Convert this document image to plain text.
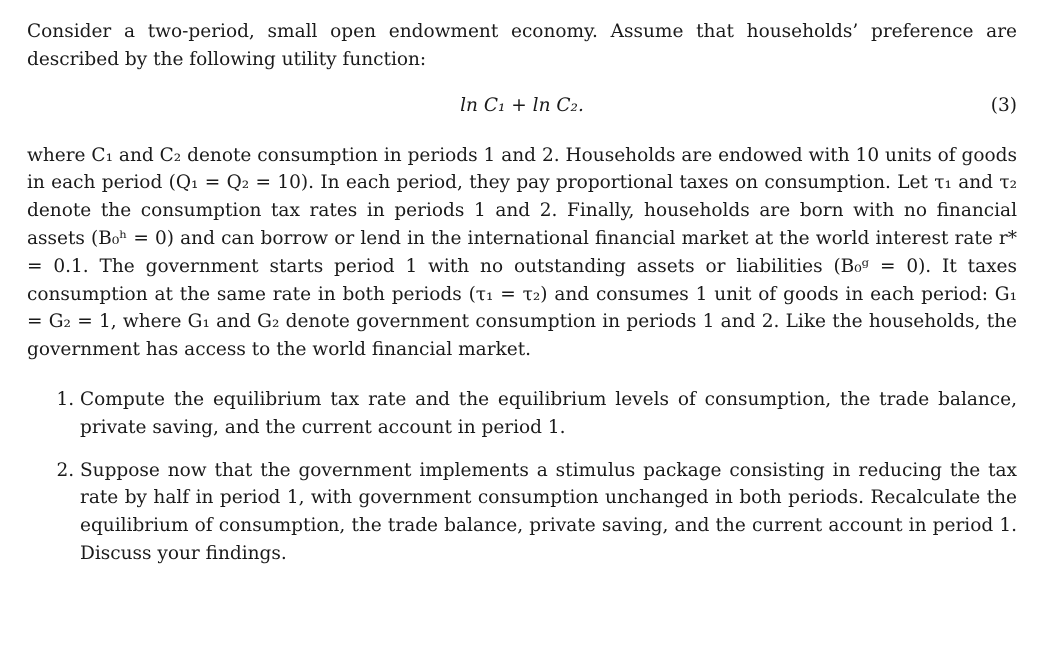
Consider a two-period, small open endowment economy. Assume that households’ preference are described by the following utility function:

ln C₁ + ln C₂.	(3)

where C₁ and C₂ denote consumption in periods 1 and 2. Households are endowed with 10 units of goods in each period (Q₁ = Q₂ = 10). In each period, they pay proportional taxes on consumption. Let τ₁ and τ₂ denote the consumption tax rates in periods 1 and 2. Finally, households are born with no financial assets (B₀ʰ = 0) and can borrow or lend in the international financial market at the world interest rate r* = 0.1. The government starts period 1 with no outstanding assets or liabilities (B₀ᵍ = 0). It taxes consumption at the same rate in both periods (τ₁ = τ₂) and consumes 1 unit of goods in each period: G₁ = G₂ = 1, where G₁ and G₂ denote government consumption in periods 1 and 2. Like the households, the government has access to the world financial market.

1. Compute the equilibrium tax rate and the equilibrium levels of consumption, the trade balance, private saving, and the current account in period 1.
2. Suppose now that the government implements a stimulus package consisting in reducing the tax rate by half in period 1, with government consumption unchanged in both periods. Recalculate the equilibrium of consumption, the trade balance, private saving, and the current account in period 1. Discuss your findings.
